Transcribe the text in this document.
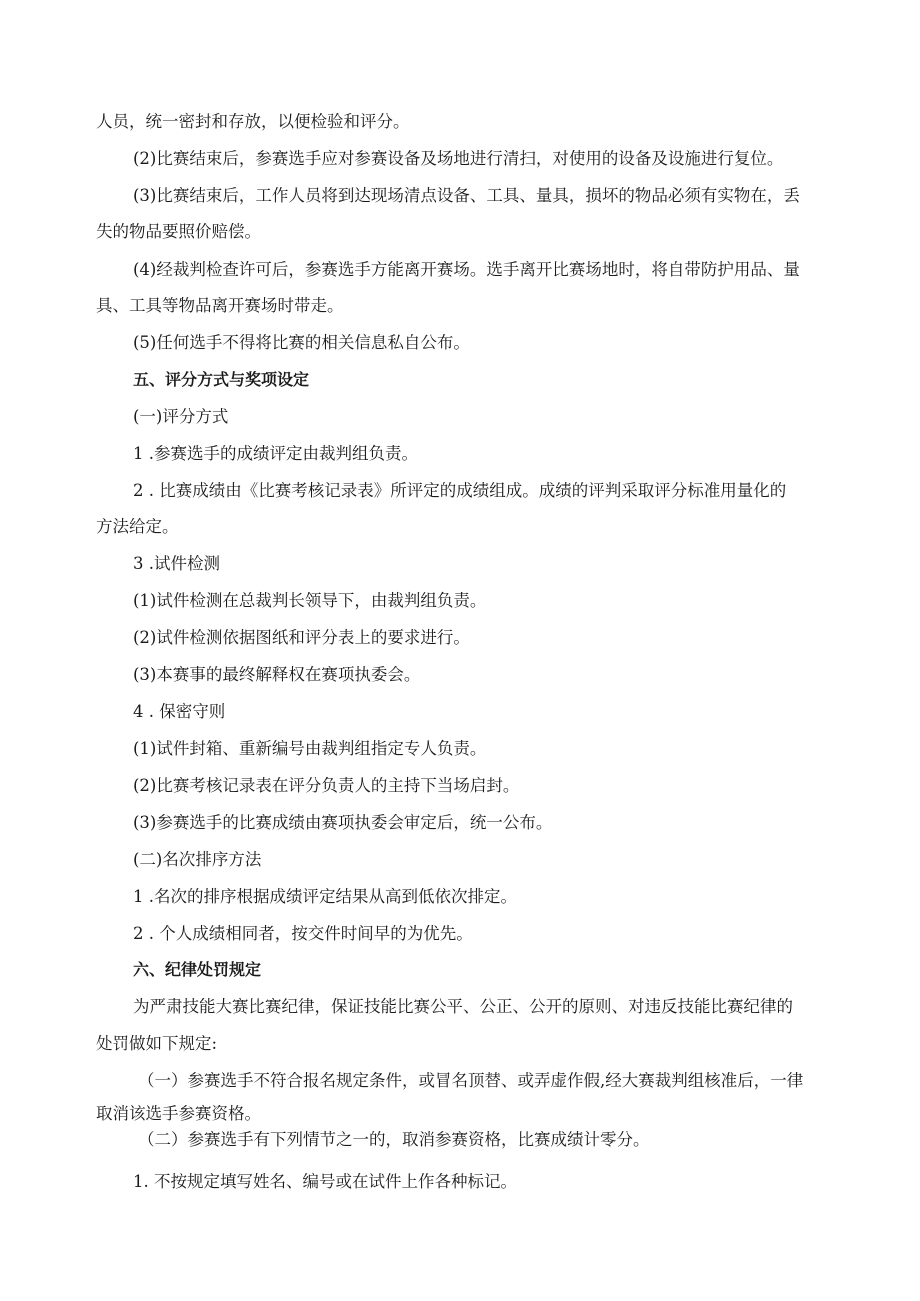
人员，统一密封和存放，以便检验和评分。
(2)比赛结束后，参赛选手应对参赛设备及场地进行清扫，对使用的设备及设施进行复位。
(3)比赛结束后，工作人员将到达现场清点设备、工具、量具，损坏的物品必须有实物在，丢
失的物品要照价赔偿。
(4)经裁判检查许可后，参赛选手方能离开赛场。选手离开比赛场地时，将自带防护用品、量
具、工具等物品离开赛场时带走。
(5)任何选手不得将比赛的相关信息私自公布。
五、评分方式与奖项设定
(一)评分方式
1 .参赛选手的成绩评定由裁判组负责。
2 . 比赛成绩由《比赛考核记录表》所评定的成绩组成。成绩的评判采取评分标准用量化的
方法给定。
3 .试件检测
(1)试件检测在总裁判长领导下，由裁判组负责。
(2)试件检测依据图纸和评分表上的要求进行。
(3)本赛事的最终解释权在赛项执委会。
4 . 保密守则
(1)试件封箱、重新编号由裁判组指定专人负责。
(2)比赛考核记录表在评分负责人的主持下当场启封。
(3)参赛选手的比赛成绩由赛项执委会审定后，统一公布。
(二)名次排序方法
1 .名次的排序根据成绩评定结果从高到低依次排定。
2 . 个人成绩相同者，按交件时间早的为优先。
六、纪律处罚规定
为严肃技能大赛比赛纪律，保证技能比赛公平、公正、公开的原则、对违反技能比赛纪律的
处罚做如下规定:
（一）参赛选手不符合报名规定条件，或冒名顶替、或弄虚作假,经大赛裁判组核准后，一律
取消该选手参赛资格。
（二）参赛选手有下列情节之一的，取消参赛资格，比赛成绩计零分。
1. 不按规定填写姓名、编号或在试件上作各种标记。
